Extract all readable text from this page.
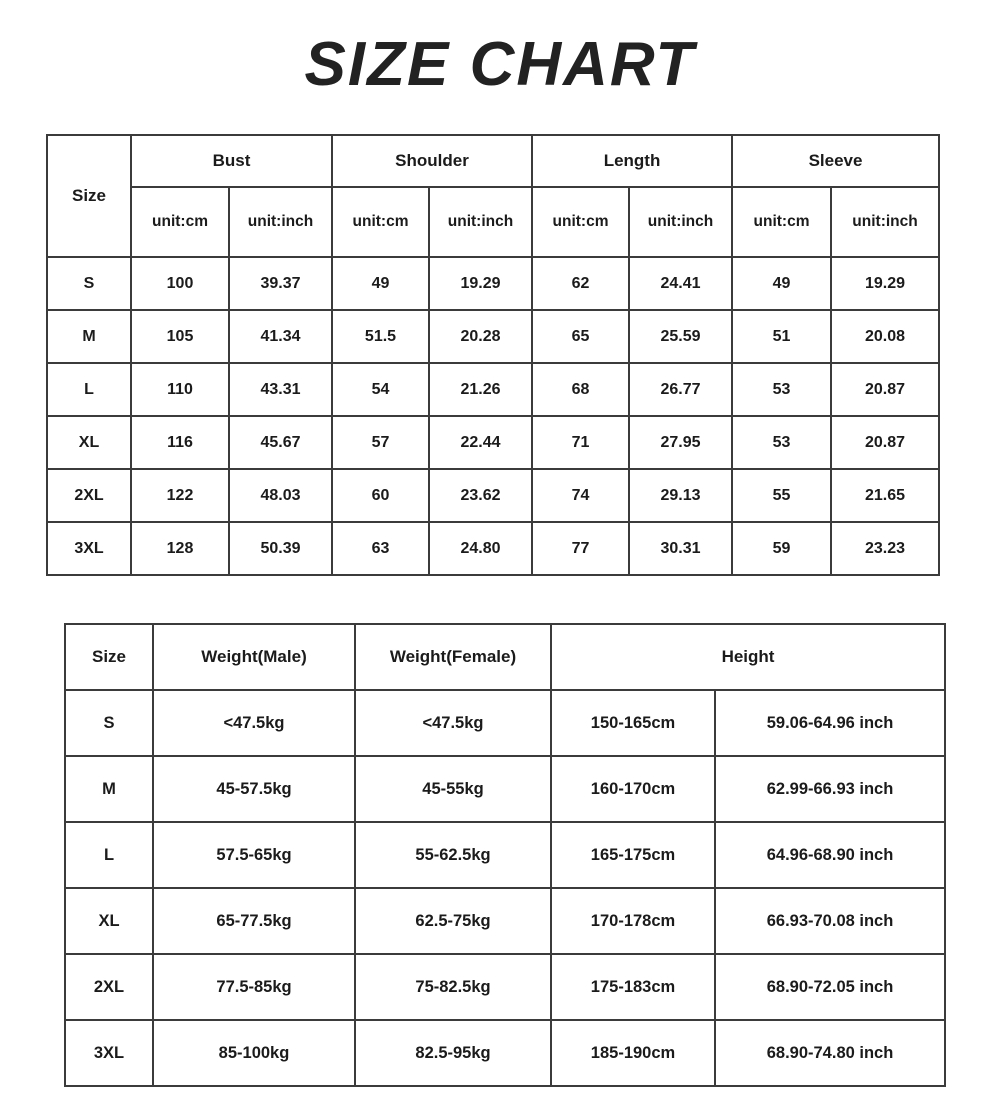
SIZE CHART
Size	Bust		Shoulder		Length		Sleeve	
	unit:cm	unit:inch	unit:cm	unit:inch	unit:cm	unit:inch	unit:cm	unit:inch
S	100	39.37	49	19.29	62	24.41	49	19.29
M	105	41.34	51.5	20.28	65	25.59	51	20.08
L	110	43.31	54	21.26	68	26.77	53	20.87
XL	116	45.67	57	22.44	71	27.95	53	20.87
2XL	122	48.03	60	23.62	74	29.13	55	21.65
3XL	128	50.39	63	24.80	77	30.31	59	23.23
Size	Weight(Male)	Weight(Female)	Height	
S	<47.5kg	<47.5kg	150-165cm	59.06-64.96 inch
M	45-57.5kg	45-55kg	160-170cm	62.99-66.93 inch
L	57.5-65kg	55-62.5kg	165-175cm	64.96-68.90 inch
XL	65-77.5kg	62.5-75kg	170-178cm	66.93-70.08 inch
2XL	77.5-85kg	75-82.5kg	175-183cm	68.90-72.05 inch
3XL	85-100kg	82.5-95kg	185-190cm	68.90-74.80 inch
